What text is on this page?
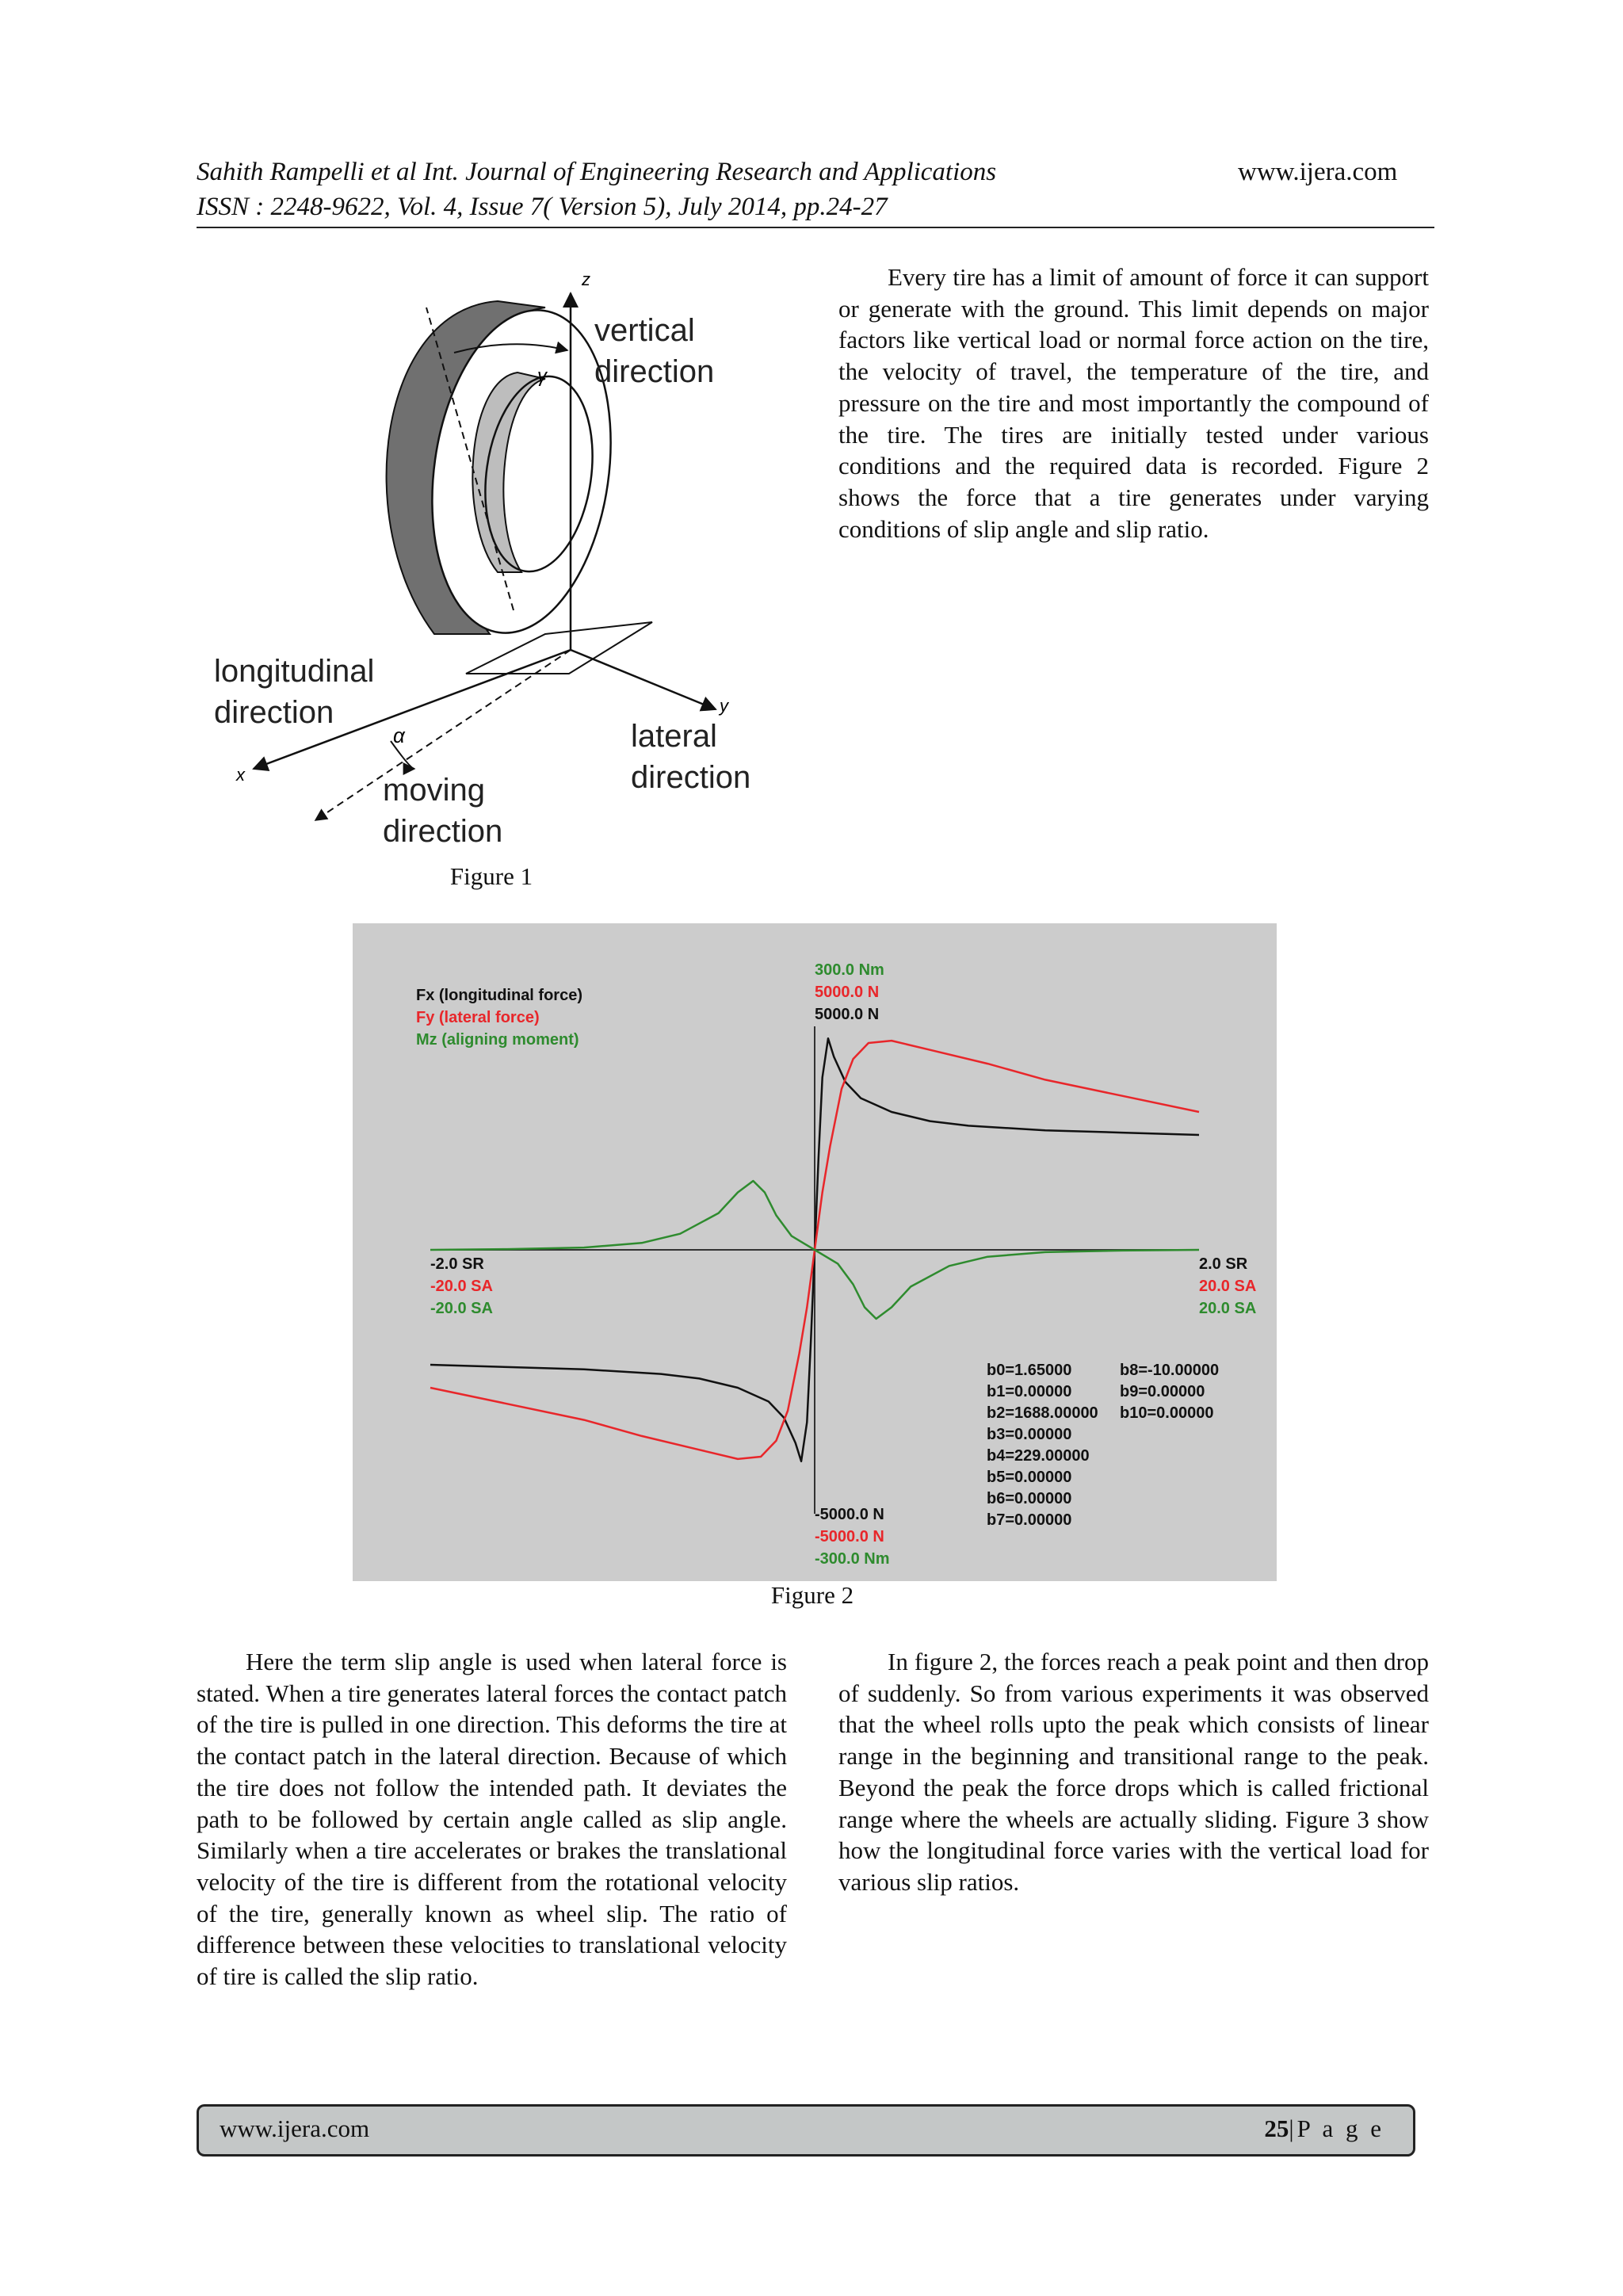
Sahith Rampelli et al Int. Journal of Engineering Research and Applications	www.ijera.com
ISSN : 2248-9622, Vol. 4, Issue 7( Version 5), July 2014, pp.24-27
z
γ
x
α
y
vertical
direction
longitudinal
direction
lateral
direction
moving
direction
Figure 1

Every tire has a limit of amount of force it can support or generate with the ground. This limit depends on major factors like vertical load or normal force action on the tire, the velocity of travel, the temperature of the tire, and pressure on the tire and most importantly the compound of the tire. The tires are initially tested under various conditions and the required data is recorded. Figure 2 shows the force that a tire generates under varying conditions of slip angle and slip ratio.

Fx (longitudinal force)
Fy (lateral force)
Mz (aligning moment)
300.0 Nm
5000.0 N
5000.0 N
-5000.0 N
-5000.0 N
-300.0 Nm
-2.0 SR
-20.0 SA
-20.0 SA
2.0 SR
20.0 SA
20.0 SA
b0=1.65000
b1=0.00000
b2=1688.00000
b3=0.00000
b4=229.00000
b5=0.00000
b6=0.00000
b7=0.00000
b8=-10.00000
b9=0.00000
b10=0.00000
Figure 2

Here the term slip angle is used when lateral force is stated. When a tire generates lateral forces the contact patch of the tire is pulled in one direction. This deforms the tire at the contact patch in the lateral direction. Because of which the tire does not follow the intended path. It deviates the path to be followed by certain angle called as slip angle. Similarly when a tire accelerates or brakes the translational velocity of the tire is different from the rotational velocity of the tire, generally known as wheel slip. The ratio of difference between these velocities to translational velocity of tire is called the slip ratio.

In figure 2, the forces reach a peak point and then drop of suddenly. So from various experiments it was observed that the wheel rolls upto the peak which consists of linear range in the beginning and transitional range to the peak. Beyond the peak the force drops which is called frictional range where the wheels are actually sliding. Figure 3 show how the longitudinal force varies with the vertical load for various slip ratios.

www.ijera.com	25|P a g e
